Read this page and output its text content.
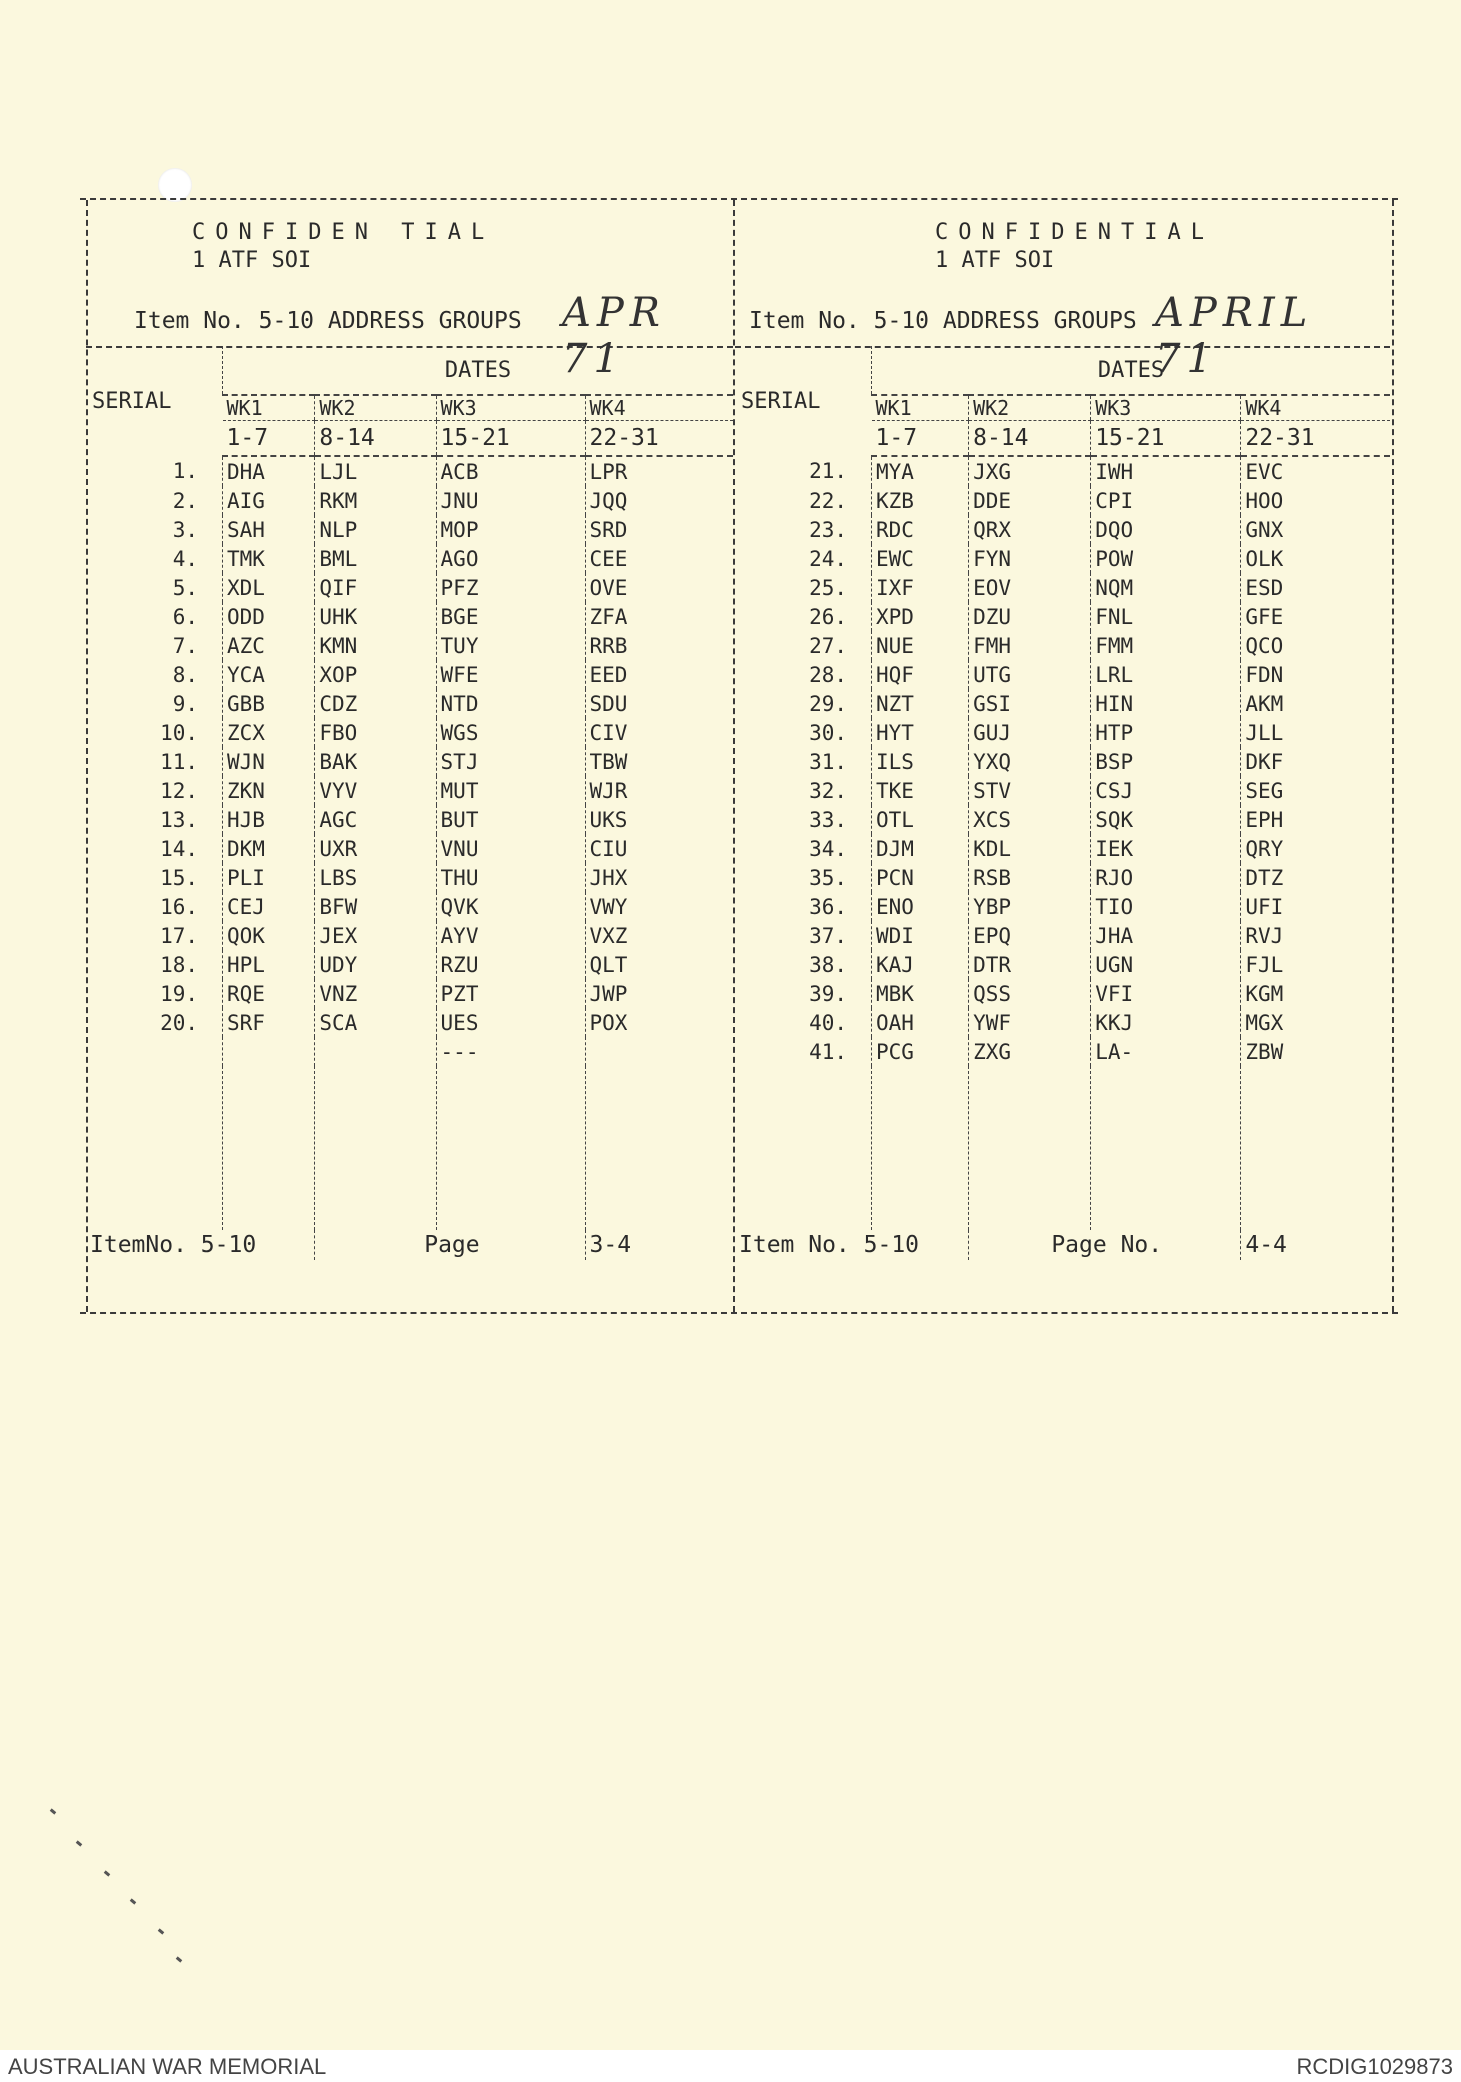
CONFIDEN TIAL
1 ATF SOI
Item No. 5-10 ADDRESS GROUPS APR 71
SERIAL	DATES			
	WK1	WK2	WK3	WK4
	1-7	8-14	15-21	22-31
1.	DHA	LJL	ACB	LPR
2.	AIG	RKM	JNU	JQQ
3.	SAH	NLP	MOP	SRD
4.	TMK	BML	AGO	CEE
5.	XDL	QIF	PFZ	OVE
6.	ODD	UHK	BGE	ZFA
7.	AZC	KMN	TUY	RRB
8.	YCA	XOP	WFE	EED
9.	GBB	CDZ	NTD	SDU
10.	ZCX	FBO	WGS	CIV
11.	WJN	BAK	STJ	TBW
12.	ZKN	VYV	MUT	WJR
13.	HJB	AGC	BUT	UKS
14.	DKM	UXR	VNU	CIU
15.	PLI	LBS	THU	JHX
16.	CEJ	BFW	QVK	VWY
17.	QOK	JEX	AYV	VXZ
18.	HPL	UDY	RZU	QLT
19.	RQE	VNZ	PZT	JWP
20.	SRF	SCA	UES	POX
			---	

ItemNo. 5-10		Page		3-4
CONFIDENTIAL
1 ATF SOI
Item No. 5-10 ADDRESS GROUPS APRIL 71
SERIAL	DATES			
	WK1	WK2	WK3	WK4
	1-7	8-14	15-21	22-31
21.	MYA	JXG	IWH	EVC
22.	KZB	DDE	CPI	HOO
23.	RDC	QRX	DQO	GNX
24.	EWC	FYN	POW	OLK
25.	IXF	EOV	NQM	ESD
26.	XPD	DZU	FNL	GFE
27.	NUE	FMH	FMM	QCO
28.	HQF	UTG	LRL	FDN
29.	NZT	GSI	HIN	AKM
30.	HYT	GUJ	HTP	JLL
31.	ILS	YXQ	BSP	DKF
32.	TKE	STV	CSJ	SEG
33.	OTL	XCS	SQK	EPH
34.	DJM	KDL	IEK	QRY
35.	PCN	RSB	RJO	DTZ
36.	ENO	YBP	TIO	UFI
37.	WDI	EPQ	JHA	RVJ
38.	KAJ	DTR	UGN	FJL
39.	MBK	QSS	VFI	KGM
40.	OAH	YWF	KKJ	MGX
41.	PCG	ZXG	LA-	ZBW

Item No. 5-10		Page No.		4-4
AUSTRALIAN WAR MEMORIAL	RCDIG1029873
